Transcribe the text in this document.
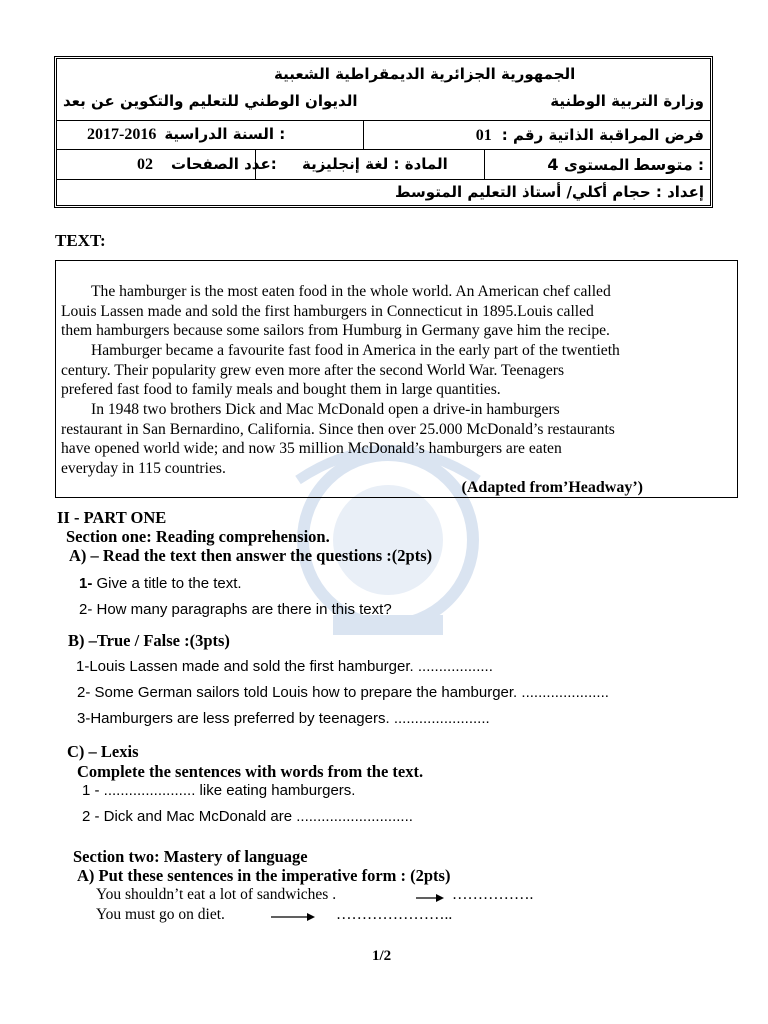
الجمهورية الجزائرية الديمقراطية الشعبية
وزارة التربية الوطنية
الديوان الوطني للتعليم والتكوين عن بعد
فرض المراقبة الذاتية رقم : 01
2017-2016 السنة الدراسية :
4 متوسط المستوى :
المادة : لغة إنجليزية
02 عدد الصفحات:
إعداد : حجام أكلي/ أستاذ التعليم المتوسط
TEXT:
The hamburger is the most eaten food in the whole world. An American chef called
Louis Lassen made and sold the first hamburgers in Connecticut in 1895.Louis called
them hamburgers because some sailors from Humburg in Germany gave him the recipe.
Hamburger became a favourite fast food in America in the early part of the twentieth
century. Their popularity grew even more after the second World War. Teenagers
prefered fast food to family meals and bought them in large quantities.
In 1948 two brothers Dick and Mac McDonald open a drive-in hamburgers
restaurant in San Bernardino, California. Since then over 25.000 McDonald’s restaurants
have opened world wide; and now 35 million McDonald’s hamburgers are eaten
everyday in 115 countries.
(Adapted from’Headway’)
II - PART ONE
Section one: Reading comprehension.
A) – Read the text then answer the questions :(2pts)
1- Give a title to the text.
2- How many paragraphs are there in this text?
B) –True / False :(3pts)
1-Louis Lassen made and sold the first hamburger. ..................
2- Some German sailors told Louis how to prepare the hamburger. .....................
3-Hamburgers are less preferred by teenagers. .......................
C) – Lexis
Complete the sentences with words from the text.
1 - ...................... like eating hamburgers.
2 - Dick and Mac McDonald are ............................
Section two: Mastery of language
A) Put these sentences in the imperative form : (2pts)
You shouldn’t eat a lot of sandwiches .	…………….
You must go on diet.	…………………..
1/2
